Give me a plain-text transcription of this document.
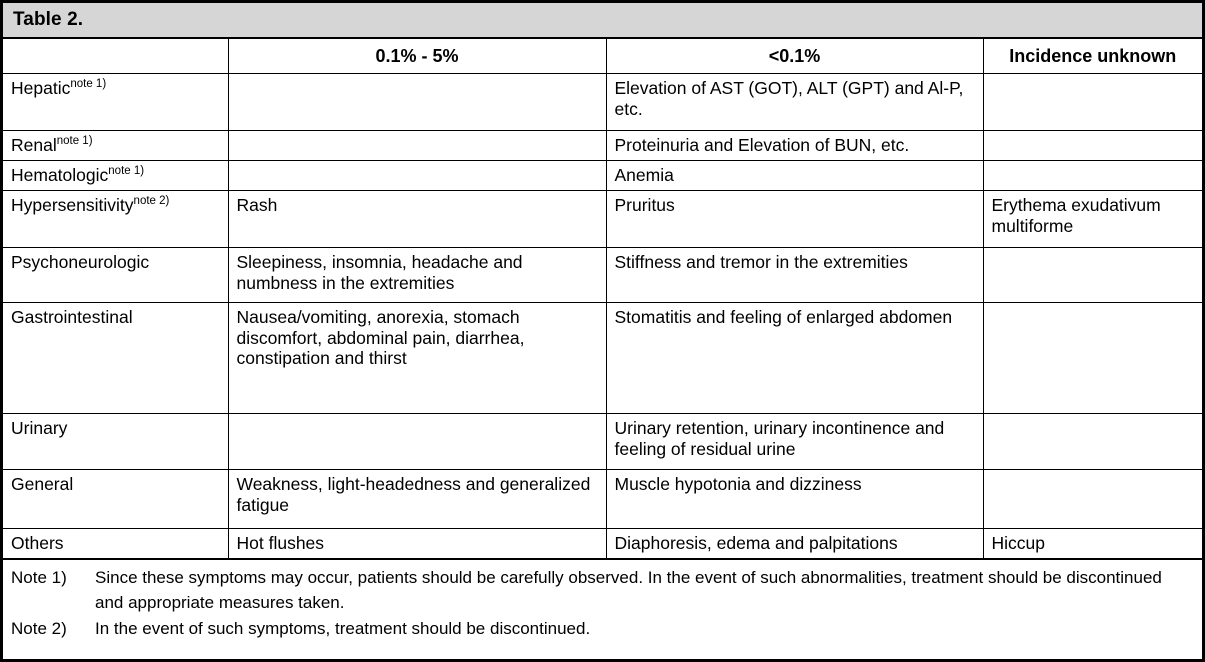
Table 2.			
	0.1% - 5%	<0.1%	Incidence unknown
Hepatic$^{note 1)}$		Elevation of AST (GOT), ALT (GPT) and Al-P, etc.	
Renal$^{note 1)}$		Proteinuria and Elevation of BUN, etc.	
Hematologic$^{note 1)}$		Anemia	
Hypersensitivity$^{note 2)}$	Rash	Pruritus	Erythema exudativum multiforme
Psychoneurologic	Sleepiness, insomnia, headache and numbness in the extremities	Stiffness and tremor in the extremities	
Gastrointestinal	Nausea/vomiting, anorexia, stomach discomfort, abdominal pain, diarrhea, constipation and thirst	Stomatitis and feeling of enlarged abdomen	
Urinary		Urinary retention, urinary incontinence and feeling of residual urine	
General	Weakness, light-headedness and generalized fatigue	Muscle hypotonia and dizziness	
Others	Hot flushes	Diaphoresis, edema and palpitations	Hiccup

Note 1) Since these symptoms may occur, patients should be carefully observed. In the event of such abnormalities, treatment should be discontinued and appropriate measures taken.
Note 2) In the event of such symptoms, treatment should be discontinued.			
